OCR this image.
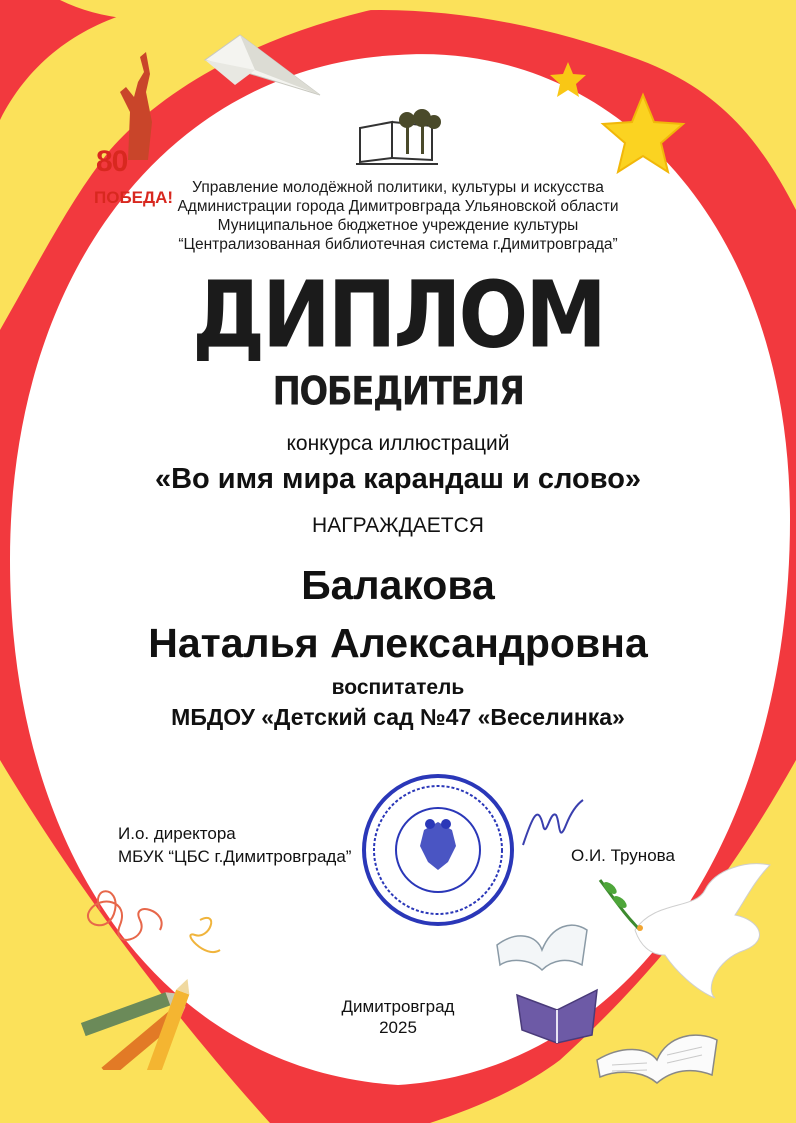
80
ПОБЕДА!
Управление молодёжной политики, культуры и искусства
Администрации города Димитровграда Ульяновской области
Муниципальное бюджетное учреждение культуры
“Централизованная библиотечная система г.Димитровграда”
ДИПЛОМ
ПОБЕДИТЕЛЯ
конкурса иллюстраций
«Во имя мира карандаш и слово»
НАГРАЖДАЕТСЯ
Балакова
Наталья Александровна
воспитатель
МБДОУ «Детский сад №47 «Веселинка»
И.о. директора
МБУК “ЦБС г.Димитровграда”	О.И. Трунова
Димитровград
2025
